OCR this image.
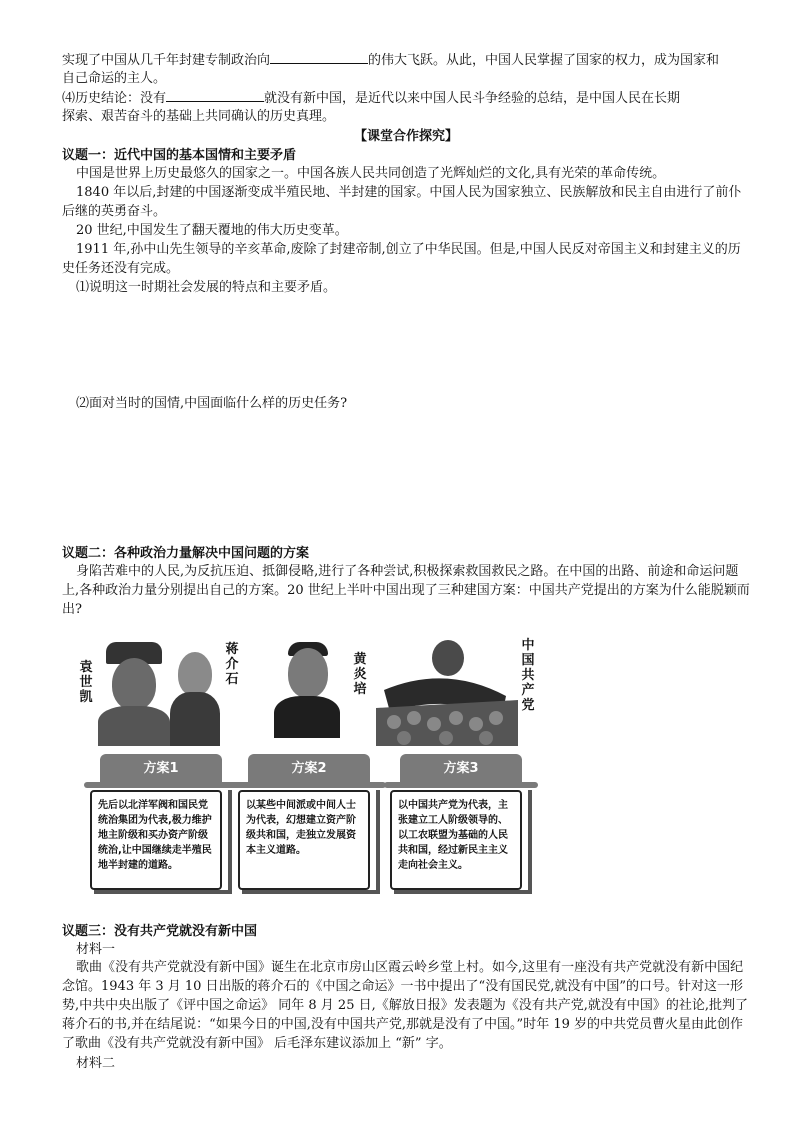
实现了中国从几千年封建专制政治向	的伟大飞跃。从此，中国人民掌握了国家的权力，成为国家和

自己命运的主人。

⑷历史结论：没有	就没有新中国，是近代以来中国人民斗争经验的总结，是中国人民在长期

探索、艰苦奋斗的基础上共同确认的历史真理。

【课堂合作探究】

议题一：近代中国的基本国情和主要矛盾

中国是世界上历史最悠久的国家之一。中国各族人民共同创造了光辉灿烂的文化,具有光荣的革命传统。

1840 年以后,封建的中国逐渐变成半殖民地、半封建的国家。中国人民为国家独立、民族解放和民主自由进行了前仆后继的英勇奋斗。

20 世纪,中国发生了翻天覆地的伟大历史变革。

1911 年,孙中山先生领导的辛亥革命,废除了封建帝制,创立了中华民国。但是,中国人民反对帝国主义和封建主义的历史任务还没有完成。

⑴说明这一时期社会发展的特点和主要矛盾。

⑵面对当时的国情,中国面临什么样的历史任务?

议题二：各种政治力量解决中国问题的方案

身陷苦难中的人民,为反抗压迫、抵御侵略,进行了各种尝试,积极探索救国救民之路。在中国的出路、前途和命运问题上,各种政治力量分别提出自己的方案。20 世纪上半叶中国出现了三种建国方案：中国共产党提出的方案为什么能脱颖而出?

袁世凯
蒋介石
黄炎培
中国共产党
方案1
先后以北洋军阀和国民党统治集团为代表,极力维护地主阶级和买办资产阶级统治,让中国继续走半殖民地半封建的道路。
方案2
以某些中间派或中间人士为代表，幻想建立资产阶级共和国，走独立发展资本主义道路。
方案3
以中国共产党为代表，主张建立工人阶级领导的、以工农联盟为基础的人民共和国，经过新民主主义走向社会主义。

议题三：没有共产党就没有新中国

材料一

歌曲《没有共产党就没有新中国》诞生在北京市房山区霞云岭乡堂上村。如今,这里有一座没有共产党就没有新中国纪念馆。1943 年 3 月 10 日出版的蒋介石的《中国之命运》一书中提出了“没有国民党,就没有中国”的口号。针对这一形势,中共中央出版了《评中国之命运》 同年 8 月 25 日,《解放日报》发表题为《没有共产党,就没有中国》的社论,批判了蒋介石的书,并在结尾说：“如果今日的中国,没有中国共产党,那就是没有了中国。”时年 19 岁的中共党员曹火星由此创作了歌曲《没有共产党就没有新中国》 后毛泽东建议添加上 “新” 字。

材料二
